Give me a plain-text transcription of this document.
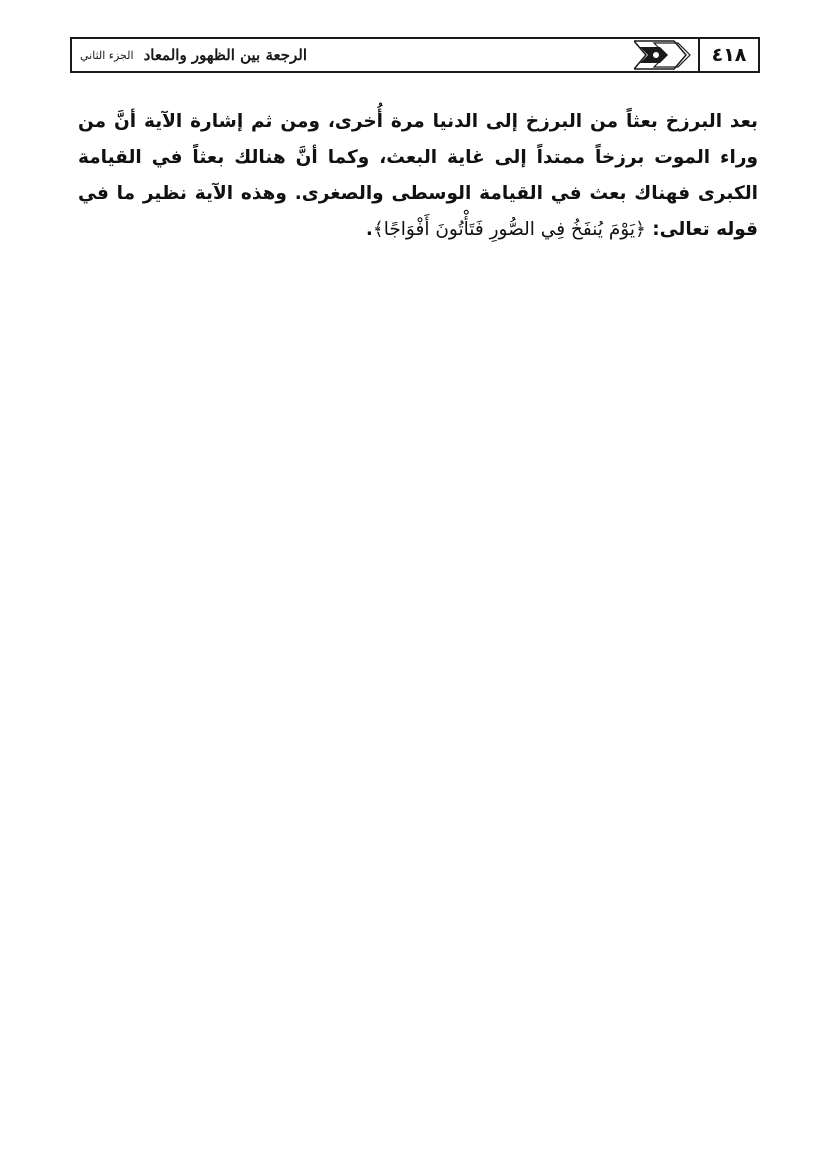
٤١٨
الرجعة بين الظهور والمعاد
الجزء الثاني

بعد البرزخ بعثاً من البرزخ إلى الدنيا مرة أُخرى، ومن ثم إشارة الآية أنَّ من وراء الموت برزخاً ممتداً إلى غاية البعث، وكما أنَّ هنالك بعثاً في القيامة الكبرى فهناك بعث في القيامة الوسطى والصغرى. وهذه الآية نظير ما في قوله تعالى: ﴿يَوْمَ يُنفَخُ فِي الصُّورِ فَتَأْتُونَ أَفْوَاجًا﴾.
